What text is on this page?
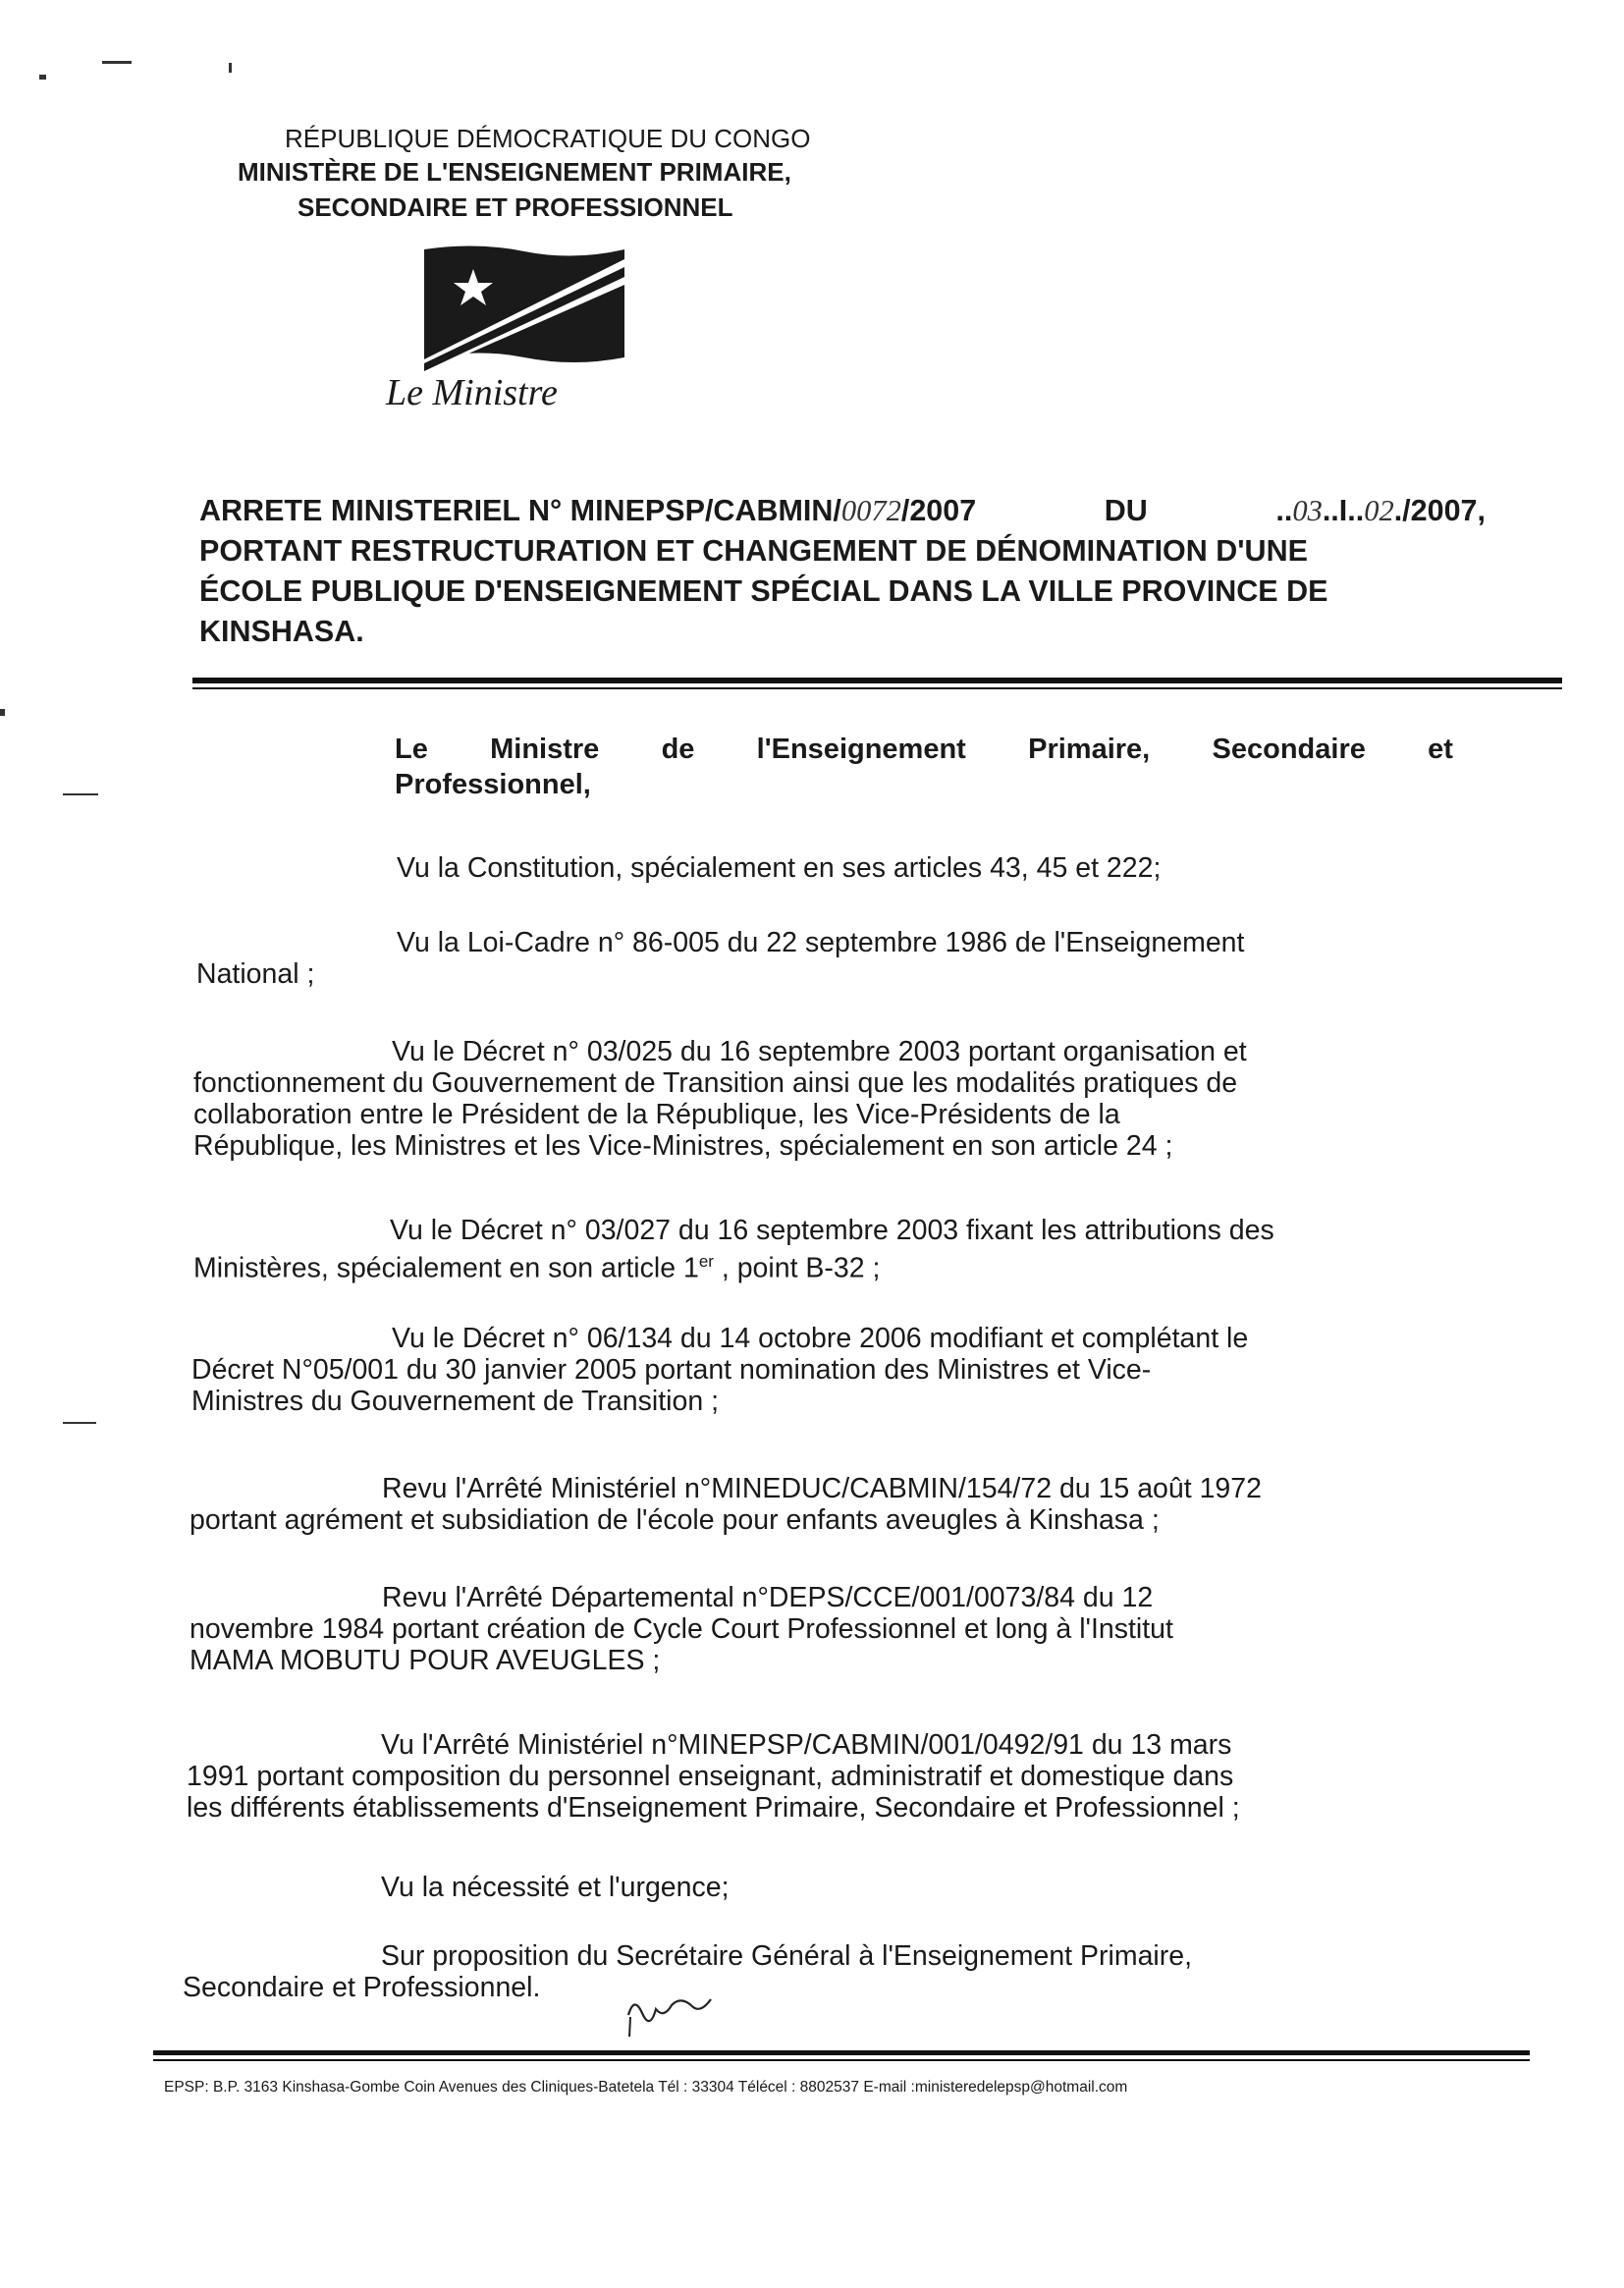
RÉPUBLIQUE DÉMOCRATIQUE DU CONGO
MINISTÈRE DE L'ENSEIGNEMENT PRIMAIRE,
SECONDAIRE ET PROFESSIONNEL
Le Ministre
ARRETE MINISTERIEL N° MINEPSP/CABMIN/0072/2007	DU	..03..I..02./2007,
PORTANT RESTRUCTURATION ET CHANGEMENT DE DÉNOMINATION D'UNE
ÉCOLE PUBLIQUE D'ENSEIGNEMENT SPÉCIAL DANS LA VILLE PROVINCE DE
KINSHASA.
Le Ministre de l'Enseignement Primaire, Secondaire et
Professionnel,
Vu la Constitution, spécialement en ses articles 43, 45 et 222;
Vu la Loi-Cadre n° 86-005 du 22 septembre 1986 de l'Enseignement
National ;
Vu le Décret n° 03/025 du 16 septembre 2003 portant organisation et
fonctionnement du Gouvernement de Transition ainsi que les modalités pratiques de
collaboration entre le Président de la République, les Vice-Présidents de la
République, les Ministres et les Vice-Ministres, spécialement en son article 24 ;
Vu le Décret n° 03/027 du 16 septembre 2003 fixant les attributions des
Ministères, spécialement en son article 1er , point B-32 ;
Vu le Décret n° 06/134 du 14 octobre 2006 modifiant et complétant le
Décret N°05/001 du 30 janvier 2005 portant nomination des Ministres et Vice-
Ministres du Gouvernement de Transition ;
Revu l'Arrêté Ministériel n°MINEDUC/CABMIN/154/72 du 15 août 1972
portant agrément et subsidiation de l'école pour enfants aveugles à Kinshasa ;
Revu l'Arrêté Départemental n°DEPS/CCE/001/0073/84 du 12
novembre 1984 portant création de Cycle Court Professionnel et long à l'Institut
MAMA MOBUTU POUR AVEUGLES ;
Vu l'Arrêté Ministériel n°MINEPSP/CABMIN/001/0492/91 du 13 mars
1991 portant composition du personnel enseignant, administratif et domestique dans
les différents établissements d'Enseignement Primaire, Secondaire et Professionnel ;
Vu la nécessité et l'urgence;
Sur proposition du Secrétaire Général à l'Enseignement Primaire,
Secondaire et Professionnel.
EPSP: B.P. 3163 Kinshasa-Gombe Coin Avenues des Cliniques-Batetela Tél : 33304 Télécel : 8802537 E-mail :ministeredelepsp@hotmail.com
